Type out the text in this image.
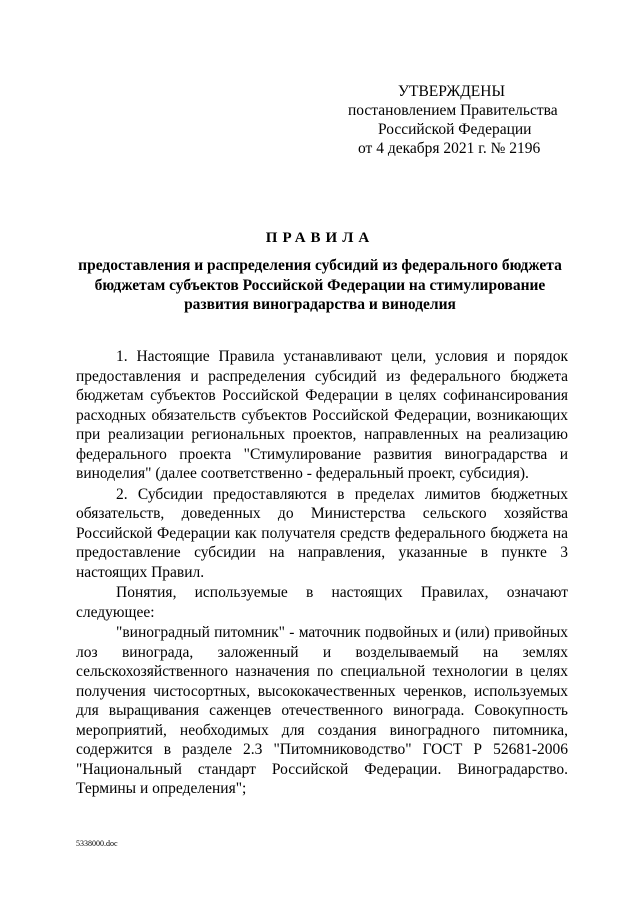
УТВЕРЖДЕНЫ
постановлением Правительства
Российской Федерации
от 4 декабря 2021 г. № 2196
ПРАВИЛА
предоставления и распределения субсидий из федерального бюджета бюджетам субъектов Российской Федерации на стимулирование развития виноградарства и виноделия

1. Настоящие Правила устанавливают цели, условия и порядок предоставления и распределения субсидий из федерального бюджета бюджетам субъектов Российской Федерации в целях софинансирования расходных обязательств субъектов Российской Федерации, возникающих при реализации региональных проектов, направленных на реализацию федерального проекта "Стимулирование развития виноградарства и виноделия" (далее соответственно - федеральный проект, субсидия).

2. Субсидии предоставляются в пределах лимитов бюджетных обязательств, доведенных до Министерства сельского хозяйства Российской Федерации как получателя средств федерального бюджета на предоставление субсидии на направления, указанные в пункте 3 настоящих Правил.

Понятия, используемые в настоящих Правилах, означают следующее:

"виноградный питомник" - маточник подвойных и (или) привойных лоз винограда, заложенный и возделываемый на землях сельскохозяйственного назначения по специальной технологии в целях получения чистосортных, высококачественных черенков, используемых для выращивания саженцев отечественного винограда. Совокупность мероприятий, необходимых для создания виноградного питомника, содержится в разделе 2.3 "Питомниководство" ГОСТ Р 52681-2006 "Национальный стандарт Российской Федерации. Виноградарство. Термины и определения";

5338000.doc
